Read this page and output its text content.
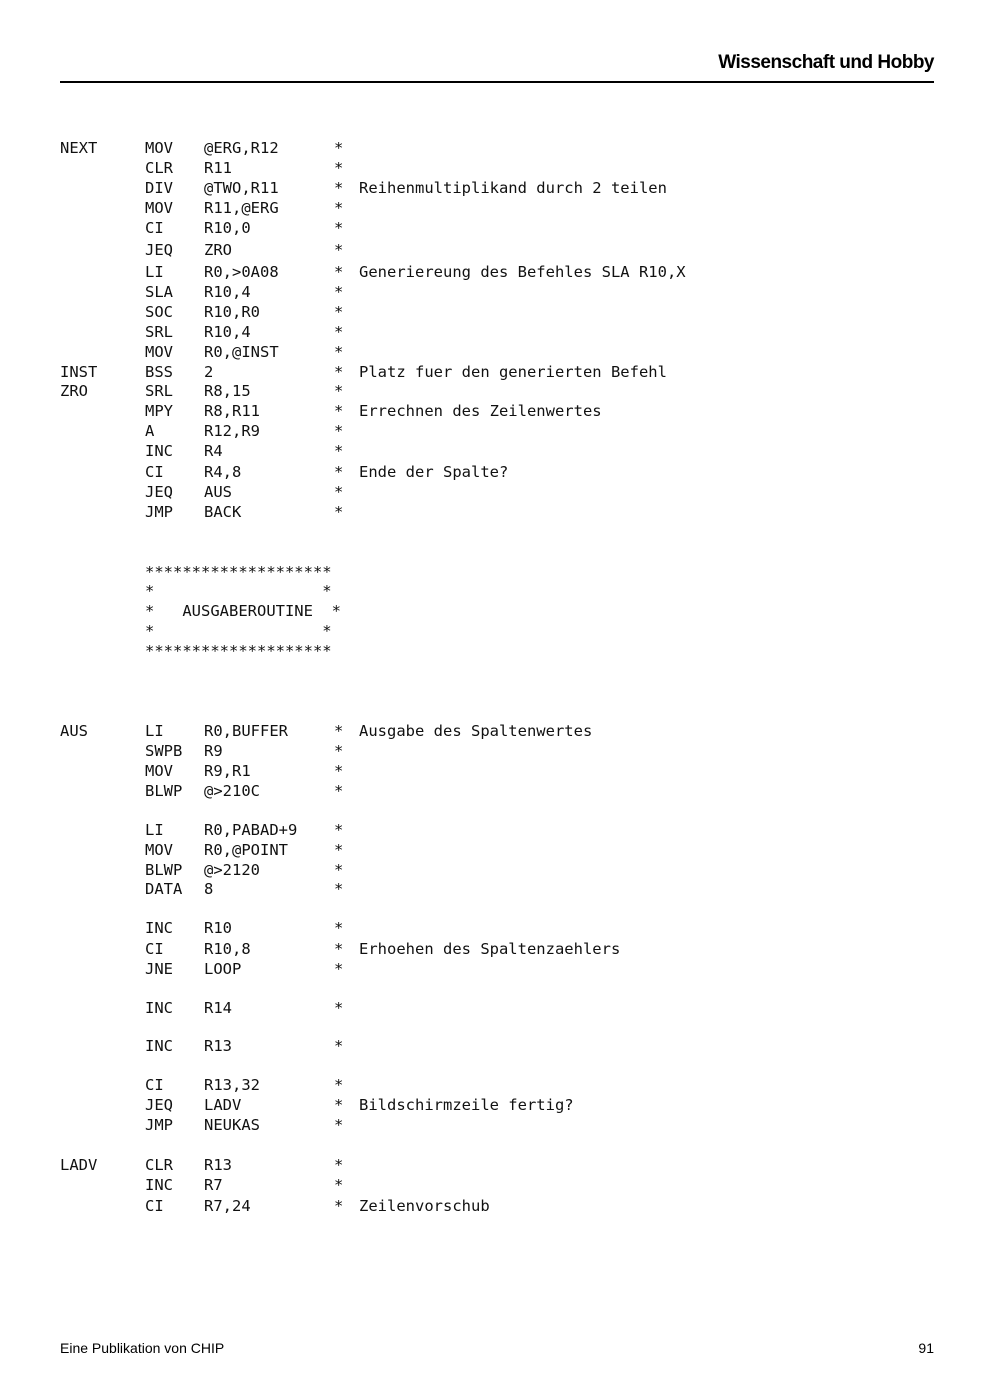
Wissenschaft und Hobby
NEXT	MOV @ERG,R12	*
CLR R11	*
DIV @TWO,R11	* Reihenmultiplikand durch 2 teilen
MOV R11,@ERG	*
CI	R10,0	*
JEQ ZRO	*
LI	R0,>0A08	* Generiereung des Befehles SLA R10,X
SLA R10,4	*
SOC R10,R0	*
SRL R10,4	*
MOV R0,@INST	*
INST	BSS 2	* Platz fuer den generierten Befehl
ZRO	SRL R8,15	*
MPY R8,R11	* Errechnen des Zeilenwertes
A	R12,R9	*
INC R4	*
CI	R4,8	* Ende der Spalte?
JEQ AUS	*
JMP BACK	*
AUS	LI	R0,BUFFER	* Ausgabe des Spaltenwertes
SWPB R9	*
MOV R9,R1	*
BLWP @>210C	*
LI	R0,PABAD+9 *
MOV R0,@POINT	*
BLWP @>2120	*
DATA 8	*
INC R10	*
CI	R10,8	* Erhoehen des Spaltenzaehlers
JNE LOOP	*
INC R14	*
INC R13	*
CI	R13,32	*
JEQ LADV	* Bildschirmzeile fertig?
JMP NEUKAS	*
LADV	CLR R13	*
INC R7	*
CI	R7,24	* Zeilenvorschub
********************
*                  *
*   AUSGABEROUTINE  *
*                  *
********************
Eine Publikation von CHIP	91
